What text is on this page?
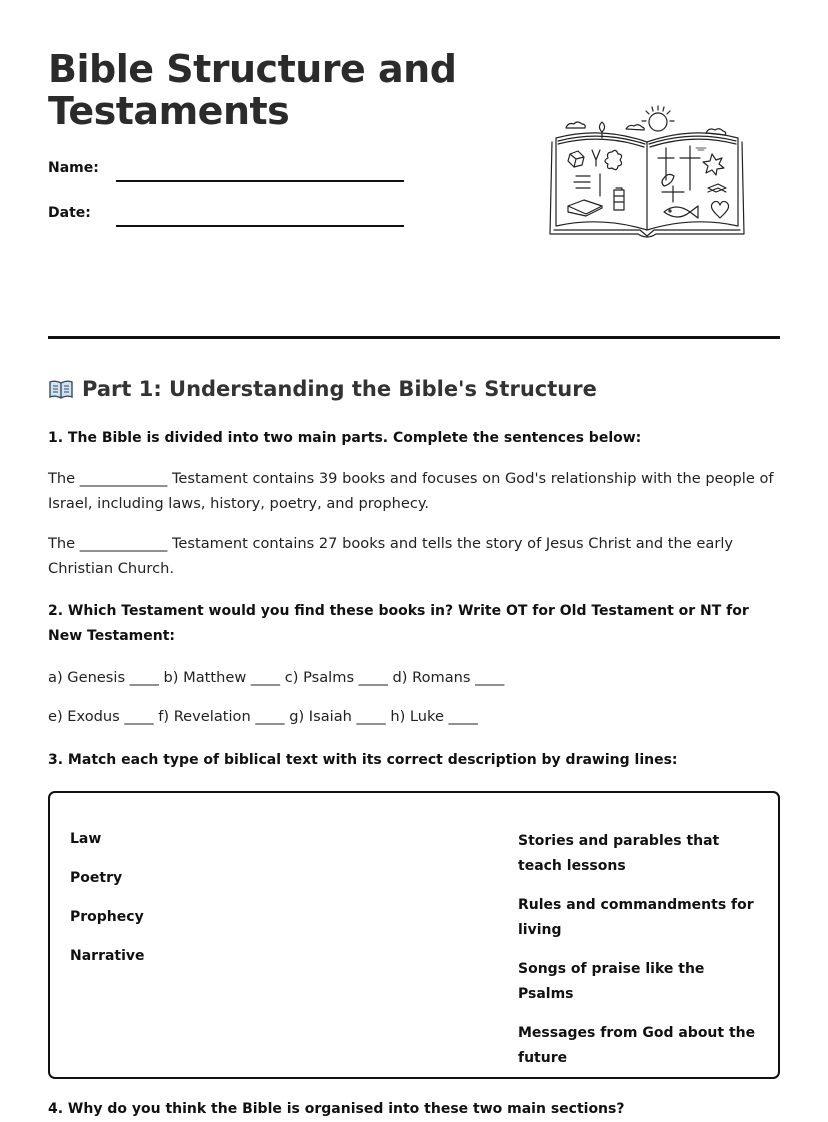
Bible Structure and Testaments
Name:
Date:
Part 1: Understanding the Bible's Structure

1. The Bible is divided into two main parts. Complete the sentences below:

The ____________ Testament contains 39 books and focuses on God's relationship with the people of Israel, including laws, history, poetry, and prophecy.

The ____________ Testament contains 27 books and tells the story of Jesus Christ and the early Christian Church.

2. Which Testament would you find these books in? Write OT for Old Testament or NT for New Testament:

a) Genesis ____ b) Matthew ____ c) Psalms ____ d) Romans ____

e) Exodus ____ f) Revelation ____ g) Isaiah ____ h) Luke ____

3. Match each type of biblical text with its correct description by drawing lines:

Law

Poetry

Prophecy

Narrative

Stories and parables that teach lessons

Rules and commandments for living

Songs of praise like the Psalms

Messages from God about the future

4. Why do you think the Bible is organised into these two main sections?
